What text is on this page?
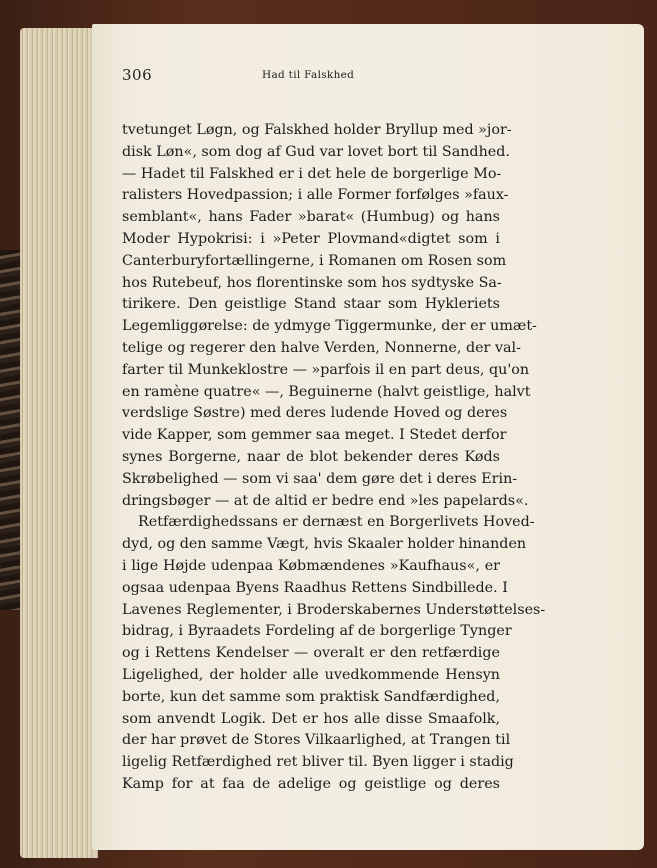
306	Had til Falskhed
tvetunget Løgn, og Falskhed holder Bryllup med »jor-
disk Løn«, som dog af Gud var lovet bort til Sandhed.
— Hadet til Falskhed er i det hele de borgerlige Mo-
ralisters Hovedpassion; i alle Former forfølges »faux-
semblant«, hans Fader »barat« (Humbug) og hans
Moder Hypokrisi: i »Peter Plovmand«digtet som i
Canterburyfortællingerne, i Romanen om Rosen som
hos Rutebeuf, hos florentinske som hos sydtyske Sa-
tirikere. Den geistlige Stand staar som Hykleriets
Legemliggørelse: de ydmyge Tiggermunke, der er umæt-
telige og regerer den halve Verden, Nonnerne, der val-
farter til Munkeklostre — »parfois il en part deus, qu'on
en ramène quatre« —, Beguinerne (halvt geistlige, halvt
verdslige Søstre) med deres ludende Hoved og deres
vide Kapper, som gemmer saa meget. I Stedet derfor
synes Borgerne, naar de blot bekender deres Køds
Skrøbelighed — som vi saa' dem gøre det i deres Erin-
dringsbøger — at de altid er bedre end »les papelards«.
Retfærdighedssans er dernæst en Borgerlivets Hoved-
dyd, og den samme Vægt, hvis Skaaler holder hinanden
i lige Højde udenpaa Købmændenes »Kaufhaus«, er
ogsaa udenpaa Byens Raadhus Rettens Sindbillede. I
Lavenes Reglementer, i Broderskabernes Understøttelses-
bidrag, i Byraadets Fordeling af de borgerlige Tynger
og i Rettens Kendelser — overalt er den retfærdige
Ligelighed, der holder alle uvedkommende Hensyn
borte, kun det samme som praktisk Sandfærdighed,
som anvendt Logik. Det er hos alle disse Smaafolk,
der har prøvet de Stores Vilkaarlighed, at Trangen til
ligelig Retfærdighed ret bliver til. Byen ligger i stadig
Kamp for at faa de adelige og geistlige og deres
